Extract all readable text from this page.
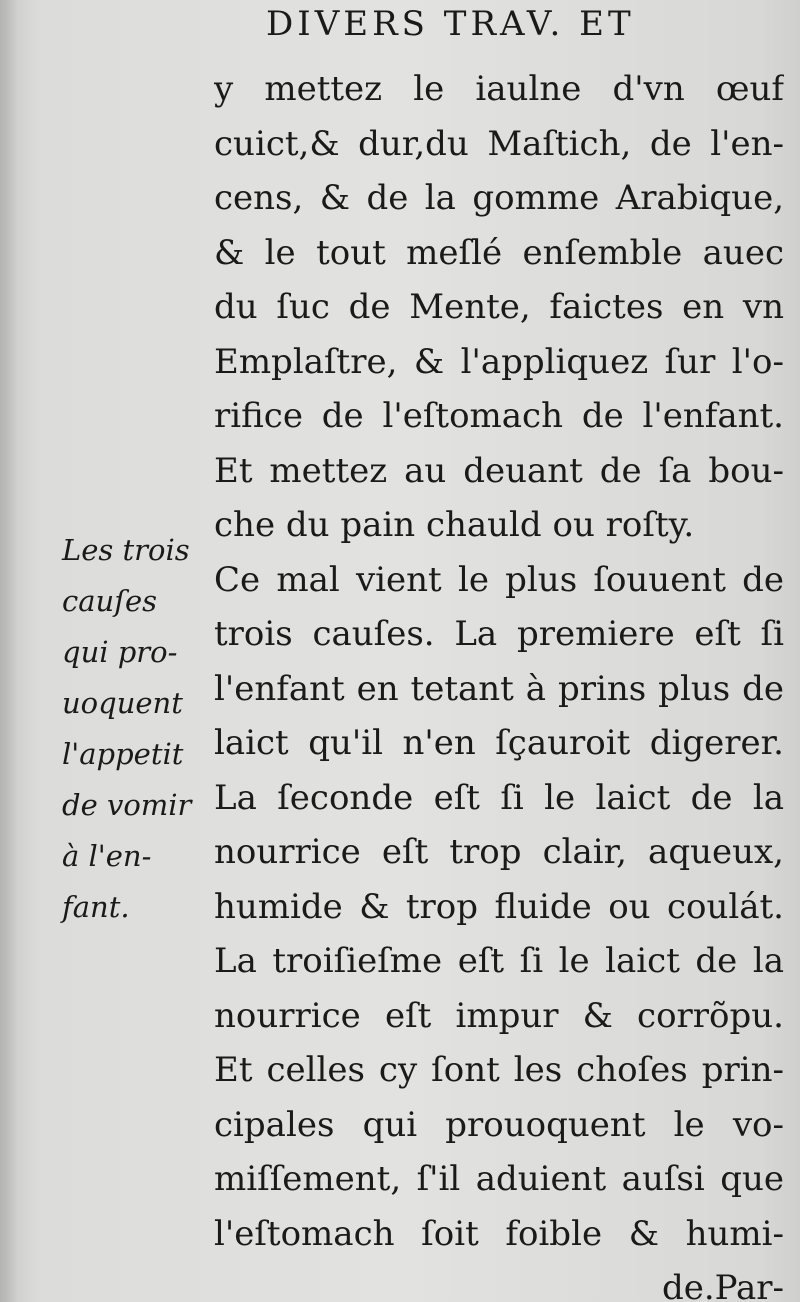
DIVERS TRAV. ET
y mettez le iaulne d'vn œuf
cuict,& dur,du Maſtich, de l'en-
cens, & de la gomme Arabique,
& le tout meſlé enſemble auec
du ſuc de Mente, faictes en vn
Emplaſtre, & l'appliquez ſur l'o-
rifice de l'eſtomach de l'enfant.
Et mettez au deuant de ſa bou-
che du pain chauld ou roſty.
Ce mal vient le plus ſouuent de
trois cauſes. La premiere eſt ſi
l'enfant en tetant à prins plus de
laict qu'il n'en ſçauroit digerer.
La ſeconde eſt ſi le laict de la
nourrice eſt trop clair, aqueux,
humide & trop fluide ou coulát.
La troiſieſme eſt ſi le laict de la
nourrice eſt impur & corrõpu.
Et celles cy ſont les choſes prin-
cipales qui prouoquent le vo-
miſſement, ſ'il aduient auſsi que
l'eſtomach ſoit foible & humi-
de.Par-
Les trois
cauſes
qui pro-
uoquent
l'appetit
de vomir
à l'en-
fant.
